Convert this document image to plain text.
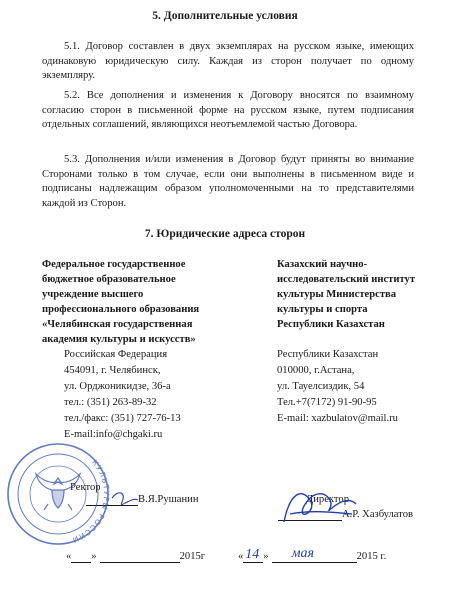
5. Дополнительные условия

5.1. Договор составлен в двух экземплярах на русском языке, имеющих одинаковую юридическую силу. Каждая из сторон получает по одному экземпляру.

5.2. Все дополнения и изменения к Договору вносятся по взаимному согласию сторон в письменной форме на русском языке, путем подписания отдельных соглашений, являющихся неотъемлемой частью Договора.

5.3. Дополнения и/или изменения в Договор будут приняты во внимание Сторонами только в том случае, если они выполнены в письменном виде и подписаны надлежащим образом уполномоченными на то представителями каждой из Сторон.

7. Юридические адреса сторон

Федеральное государственное
бюджетное образовательное
учреждение высшего
профессионального образования
«Челябинская государственная
академия культуры и искусств»

Российская Федерация
454091, г. Челябинск,
ул. Орджоникидзе, 36-а
тел.: (351) 263-89-32
тел./факс: (351) 727-76-13
E-mail:info@chgaki.ru

Казахский научно-
исследовательский институт
культуры Министерства
культуры и спорта
Республики Казахстан

Республики Казахстан
010000, г.Астана,
ул. Тауелсиздик, 54
Тел.+7(7172) 91-90-95
E-mail: xazbulatov@mail.ru

Ректор
В.Я.Рушанин	Директор
А.Р. Хазбулатов
« »	2015г	« 14 » мая	2015 г.
КУЛЬТУРЫ РОССИИ
